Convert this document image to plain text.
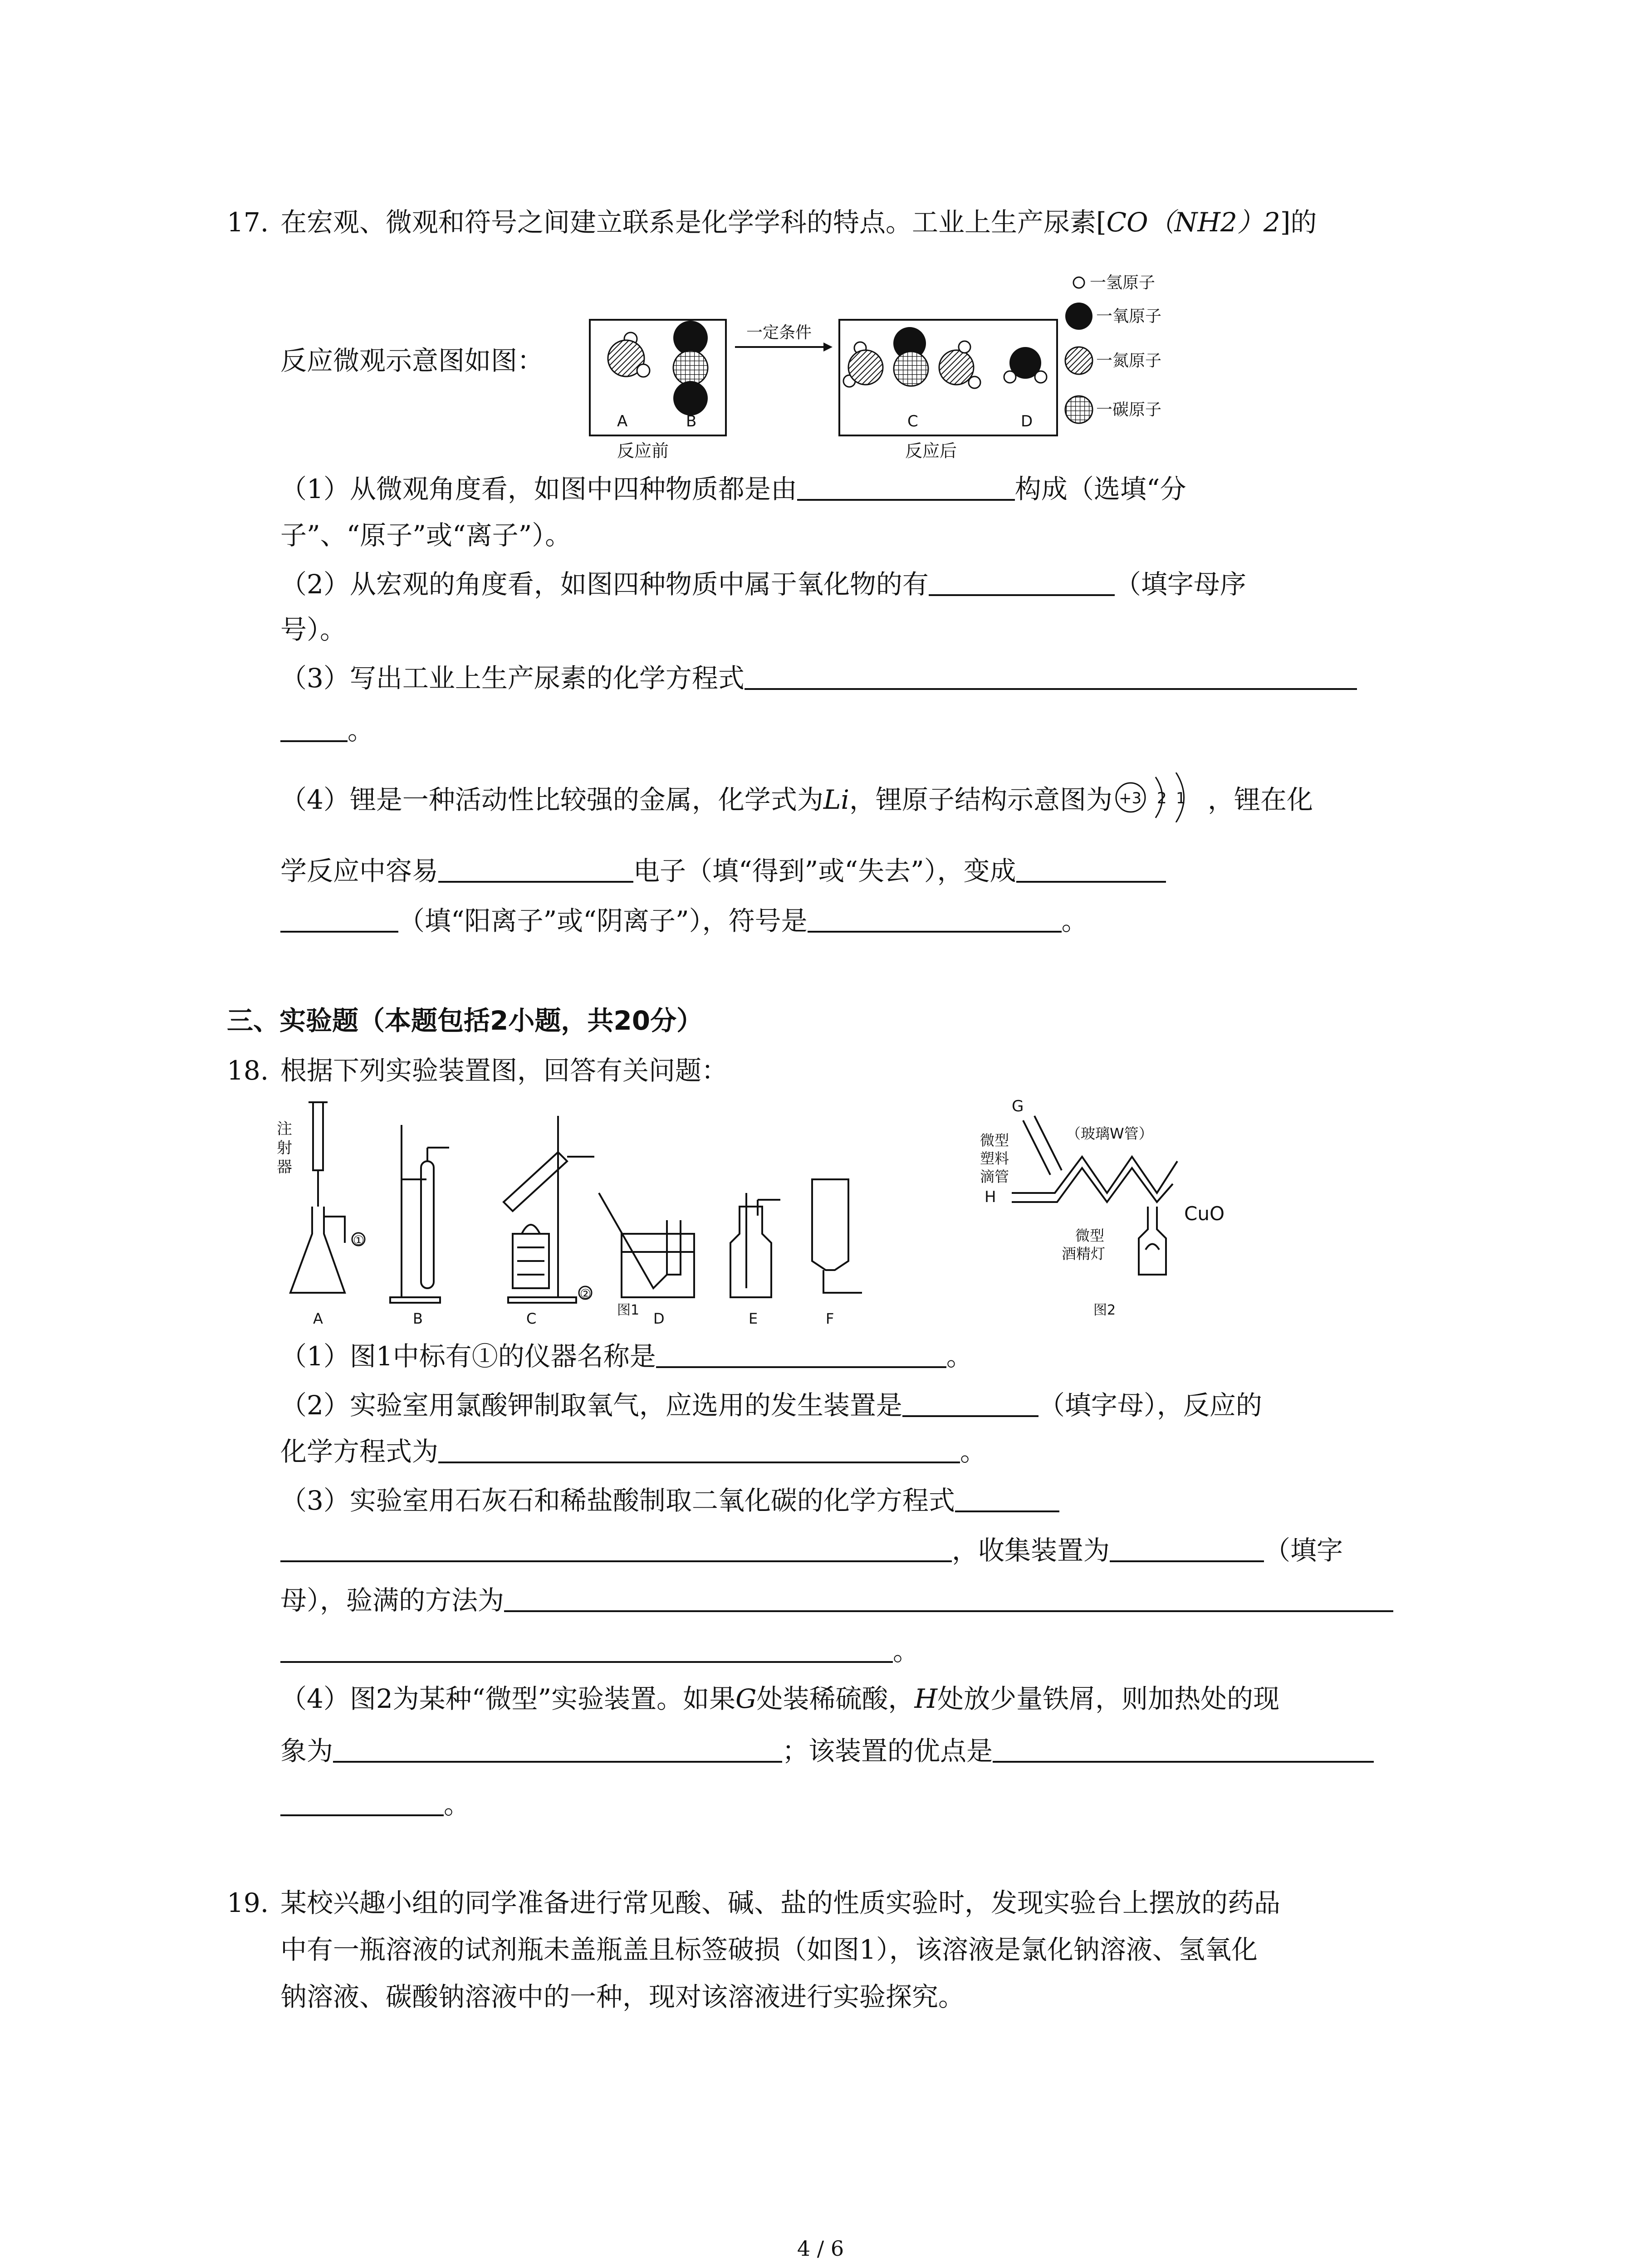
17. 在宏观、微观和符号之间建立联系是化学学科的特点。工业上生产尿素[CO（NH2）2]的
反应微观示意图如图：
A	B
反应前
一定条件
C	D
反应后
一氢原子
一氧原子
一氮原子
一碳原子
（1）从微观角度看，如图中四种物质都是由	构成（选填“分
子”、“原子”或“离子”）。
（2）从宏观的角度看，如图四种物质中属于氧化物的有	（填字母序
号）。
（3）写出工业上生产尿素的化学方程式
。
（4）锂是一种活动性比较强的金属，化学式为Li，锂原子结构示意图为 +3 2 1 ，锂在化
学反应中容易	电子（填“得到”或“失去”），变成
（填“阳离子”或“阴离子”），符号是	。
三、实验题（本题包括2小题，共20分）
18. 根据下列实验装置图，回答有关问题：
注
射
器
①
②
A	B	C	D	E	F
图1
G
H
微型
塑料
滴管
（玻璃W管）
CuO
微型
酒精灯
图2
（1）图1中标有①的仪器名称是	。
（2）实验室用氯酸钾制取氧气，应选用的发生装置是	（填字母），反应的
化学方程式为	。
（3）实验室用石灰石和稀盐酸制取二氧化碳的化学方程式
，收集装置为	（填字
母），验满的方法为
。
（4）图2为某种“微型”实验装置。如果G处装稀硫酸，H处放少量铁屑，则加热处的现
象为	；该装置的优点是
。
19. 某校兴趣小组的同学准备进行常见酸、碱、盐的性质实验时，发现实验台上摆放的药品
中有一瓶溶液的试剂瓶未盖瓶盖且标签破损（如图1），该溶液是氯化钠溶液、氢氧化
钠溶液、碳酸钠溶液中的一种，现对该溶液进行实验探究。
4 / 6
